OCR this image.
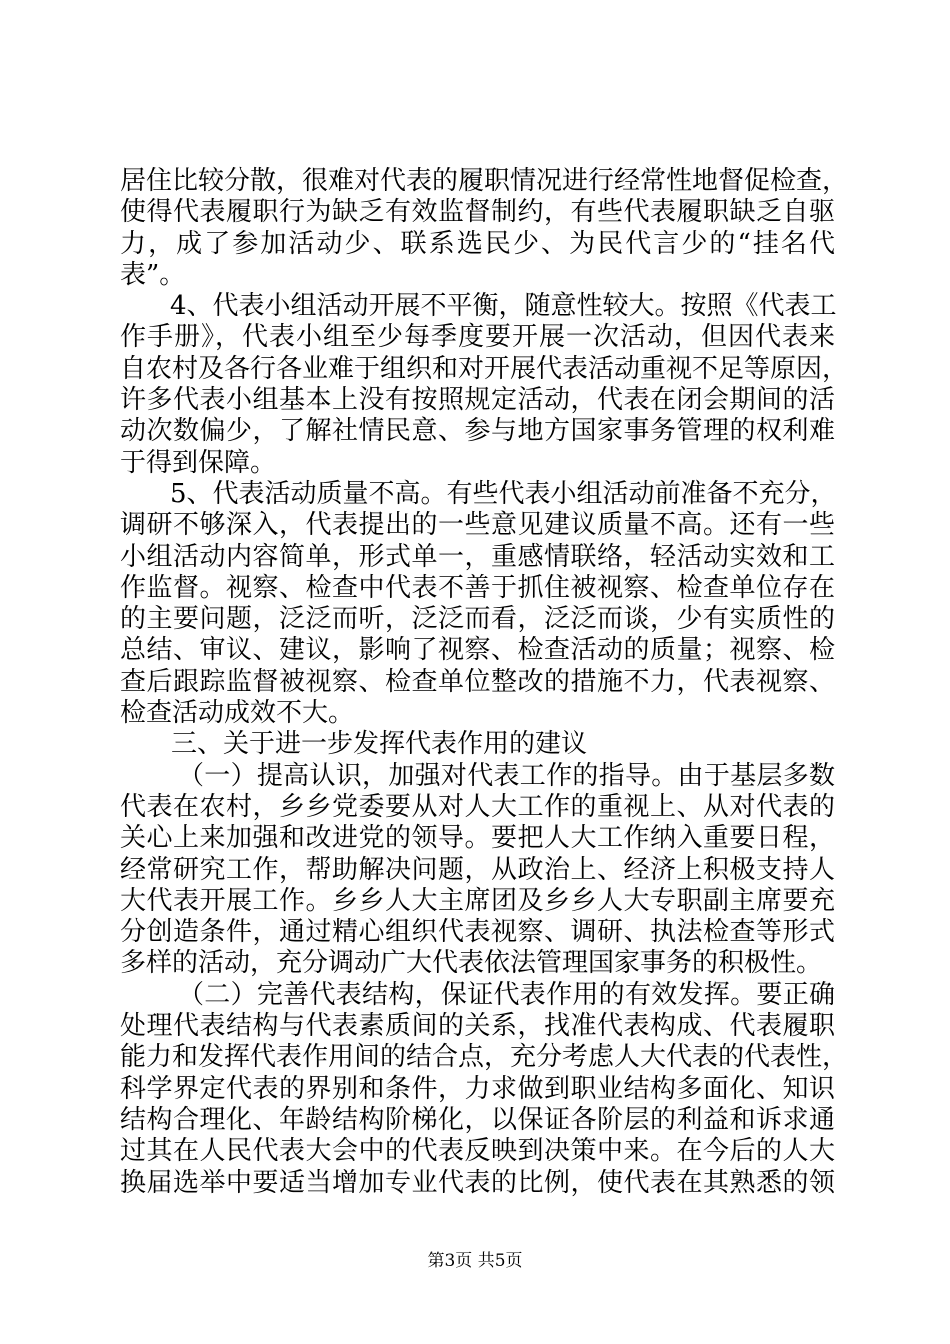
居住比较分散，很难对代表的履职情况进行经常性地督促检查，
使得代表履职行为缺乏有效监督制约，有些代表履职缺乏自驱
力，成了参加活动少、联系选民少、为民代言少的“挂名代
表”。
4、代表小组活动开展不平衡，随意性较大。按照《代表工
作手册》，代表小组至少每季度要开展一次活动，但因代表来
自农村及各行各业难于组织和对开展代表活动重视不足等原因，
许多代表小组基本上没有按照规定活动，代表在闭会期间的活
动次数偏少，了解社情民意、参与地方国家事务管理的权利难
于得到保障。
5、代表活动质量不高。有些代表小组活动前准备不充分，
调研不够深入，代表提出的一些意见建议质量不高。还有一些
小组活动内容简单，形式单一，重感情联络，轻活动实效和工
作监督。视察、检查中代表不善于抓住被视察、检查单位存在
的主要问题，泛泛而听，泛泛而看，泛泛而谈，少有实质性的
总结、审议、建议，影响了视察、检查活动的质量；视察、检
查后跟踪监督被视察、检查单位整改的措施不力，代表视察、
检查活动成效不大。
三、关于进一步发挥代表作用的建议
（一）提高认识，加强对代表工作的指导。由于基层多数
代表在农村，乡乡党委要从对人大工作的重视上、从对代表的
关心上来加强和改进党的领导。要把人大工作纳入重要日程，
经常研究工作，帮助解决问题，从政治上、经济上积极支持人
大代表开展工作。乡乡人大主席团及乡乡人大专职副主席要充
分创造条件，通过精心组织代表视察、调研、执法检查等形式
多样的活动，充分调动广大代表依法管理国家事务的积极性。
（二）完善代表结构，保证代表作用的有效发挥。要正确
处理代表结构与代表素质间的关系，找准代表构成、代表履职
能力和发挥代表作用间的结合点，充分考虑人大代表的代表性，
科学界定代表的界别和条件，力求做到职业结构多面化、知识
结构合理化、年龄结构阶梯化，以保证各阶层的利益和诉求通
过其在人民代表大会中的代表反映到决策中来。在今后的人大
换届选举中要适当增加专业代表的比例，使代表在其熟悉的领
第3页 共5页
